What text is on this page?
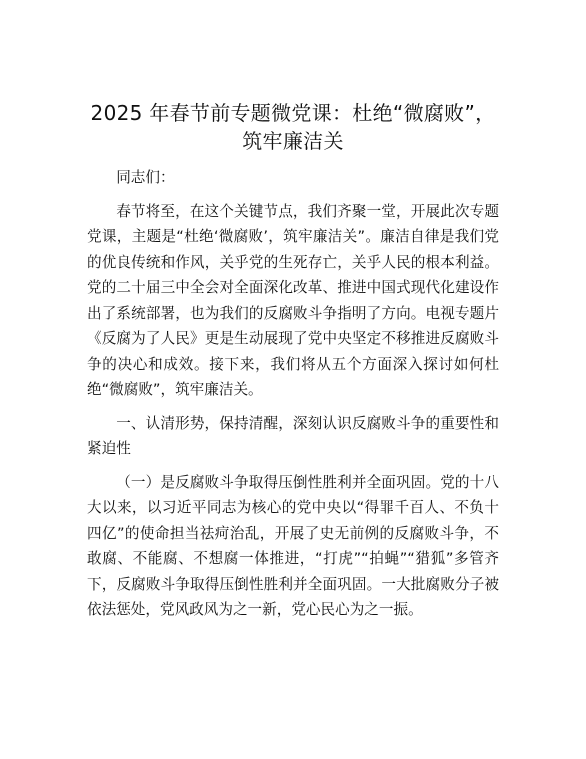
2025 年春节前专题微党课：杜绝“微腐败”，
筑牢廉洁关

同志们：

春节将至，在这个关键节点，我们齐聚一堂，开展此次专题党课，主题是“杜绝‘微腐败’，筑牢廉洁关”。廉洁自律是我们党的优良传统和作风，关乎党的生死存亡，关乎人民的根本利益。党的二十届三中全会对全面深化改革、推进中国式现代化建设作出了系统部署，也为我们的反腐败斗争指明了方向。电视专题片《反腐为了人民》更是生动展现了党中央坚定不移推进反腐败斗争的决心和成效。接下来，我们将从五个方面深入探讨如何杜绝“微腐败”，筑牢廉洁关。

一、认清形势，保持清醒，深刻认识反腐败斗争的重要性和紧迫性

（一）是反腐败斗争取得压倒性胜利并全面巩固。党的十八大以来，以习近平同志为核心的党中央以“得罪千百人、不负十四亿”的使命担当祛疴治乱，开展了史无前例的反腐败斗争，不敢腐、不能腐、不想腐一体推进，“打虎”“拍蝇”“猎狐”多管齐下，反腐败斗争取得压倒性胜利并全面巩固。一大批腐败分子被依法惩处，党风政风为之一新，党心民心为之一振。
